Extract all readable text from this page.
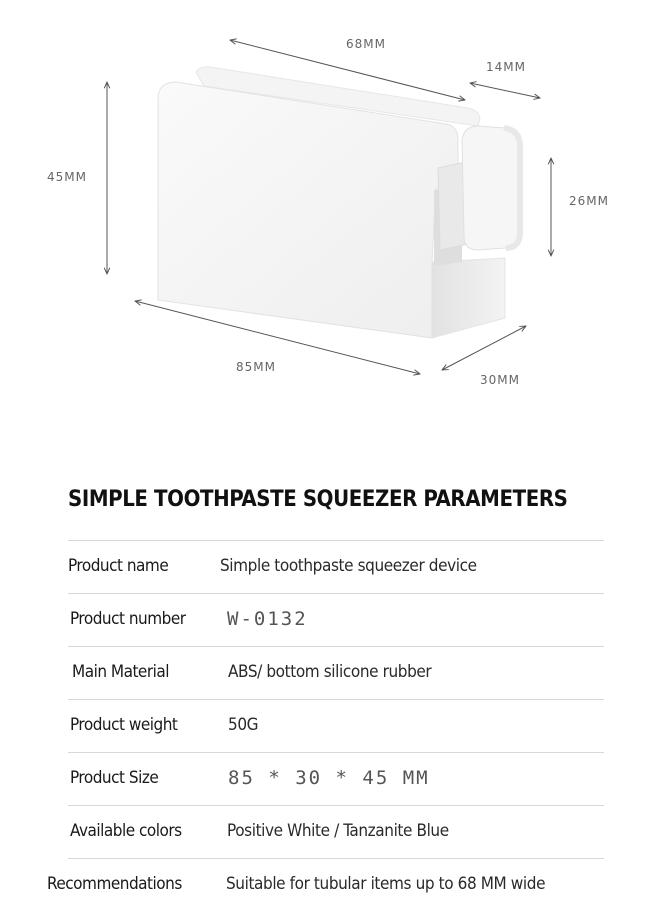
68MM
14MM
45MM
26MM
85MM
30MM
SIMPLE TOOTHPASTE SQUEEZER PARAMETERS
Product name	Simple toothpaste squeezer device
Product number W-0132
Main Material	ABS/ bottom silicone rubber
Product weight	50G
Product Size	85 * 30 * 45 MM
Available colors	Positive White / Tanzanite Blue
Recommendations	Suitable for tubular items up to 68 MM wide
